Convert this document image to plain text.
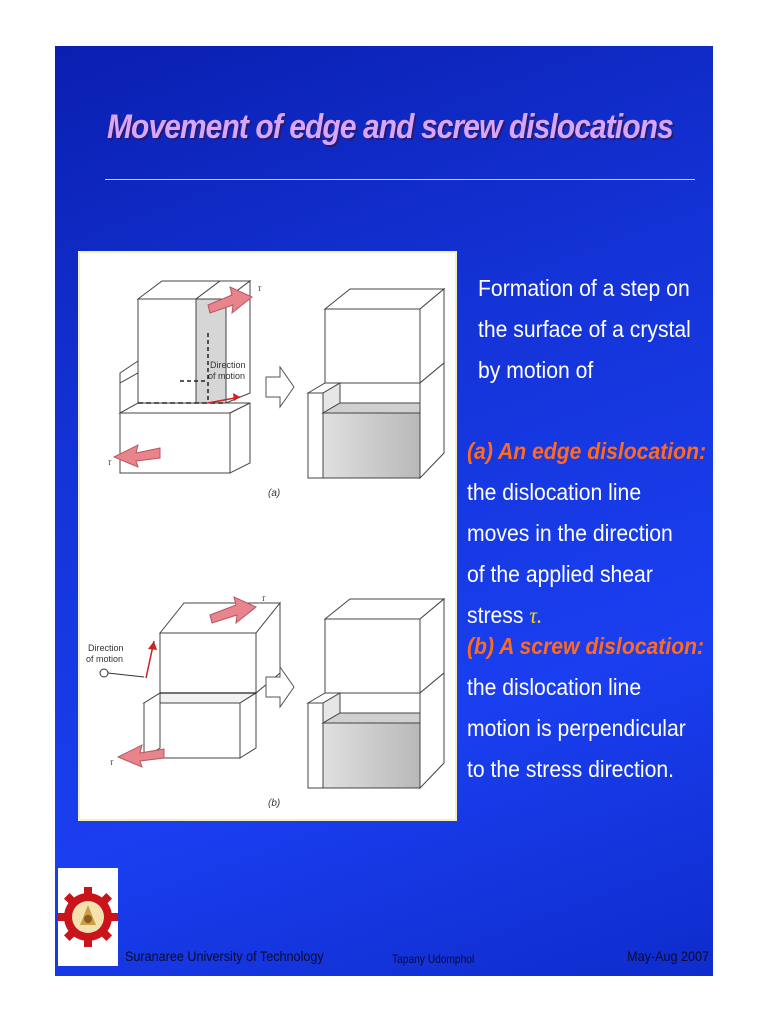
Movement of edge and screw dislocations
Direction
of motion
τ
τ
(a)
Direction
of motion
τ
τ
(b)
Formation of a step on the surface of a crystal by motion of
(a) An edge dislocation:
the dislocation line moves in the direction of the applied shear stress τ.
(b) A screw dislocation:
the dislocation line motion is perpendicular to the stress direction.
Suranaree University of Technology	Tapany Udomphol	May-Aug 2007
